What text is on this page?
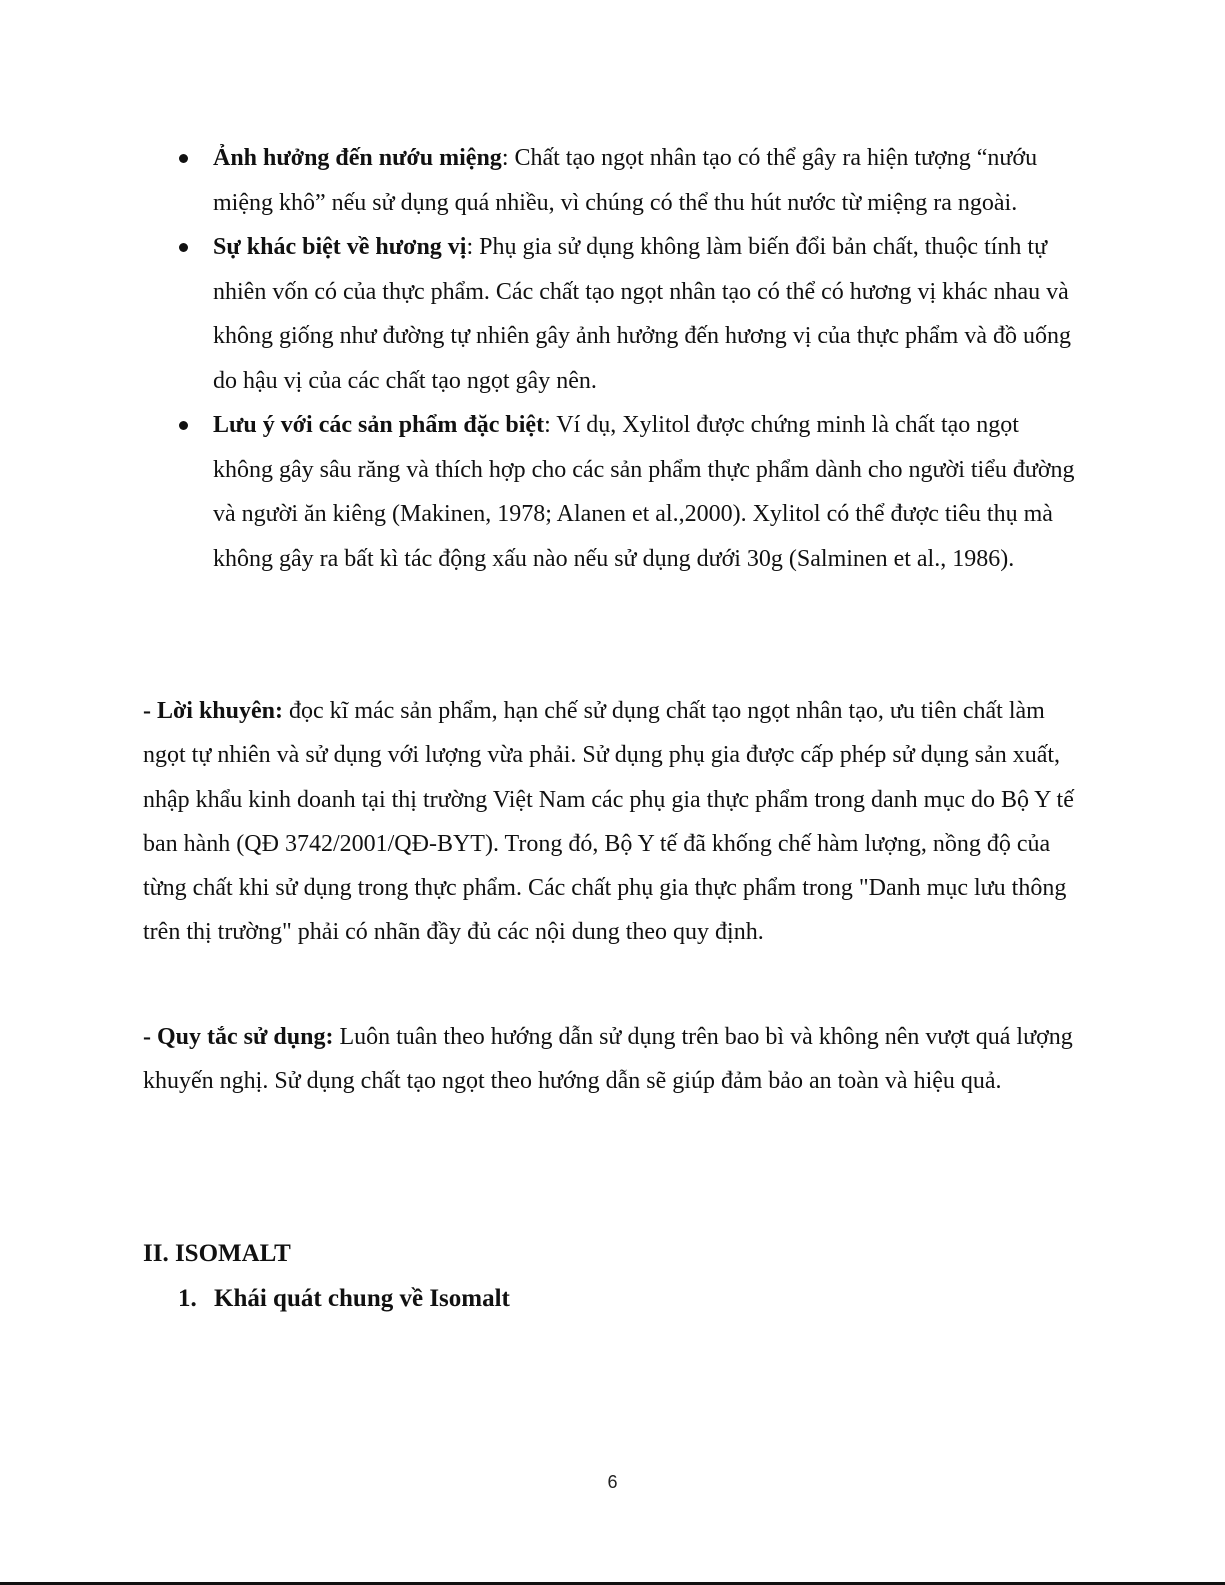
Ảnh hưởng đến nướu miệng: Chất tạo ngọt nhân tạo có thể gây ra hiện tượng “nướu miệng khô” nếu sử dụng quá nhiều, vì chúng có thể thu hút nước từ miệng ra ngoài.
Sự khác biệt về hương vị: Phụ gia sử dụng không làm biến đổi bản chất, thuộc tính tự nhiên vốn có của thực phẩm. Các chất tạo ngọt nhân tạo có thể có hương vị khác nhau và không giống như đường tự nhiên gây ảnh hưởng đến hương vị của thực phẩm và đồ uống do hậu vị của các chất tạo ngọt gây nên.
Lưu ý với các sản phẩm đặc biệt: Ví dụ, Xylitol được chứng minh là chất tạo ngọt không gây sâu răng và thích hợp cho các sản phẩm thực phẩm dành cho người tiểu đường và người ăn kiêng (Makinen, 1978; Alanen et al.,2000). Xylitol có thể được tiêu thụ mà không gây ra bất kì tác động xấu nào nếu sử dụng dưới 30g (Salminen et al., 1986).

- Lời khuyên: đọc kĩ mác sản phẩm, hạn chế sử dụng chất tạo ngọt nhân tạo, ưu tiên chất làm ngọt tự nhiên và sử dụng với lượng vừa phải. Sử dụng phụ gia được cấp phép sử dụng sản xuất, nhập khẩu kinh doanh tại thị trường Việt Nam các phụ gia thực phẩm trong danh mục do Bộ Y tế ban hành (QĐ 3742/2001/QĐ-BYT). Trong đó, Bộ Y tế đã khống chế hàm lượng, nồng độ của từng chất khi sử dụng trong thực phẩm. Các chất phụ gia thực phẩm trong "Danh mục lưu thông trên thị trường" phải có nhãn đầy đủ các nội dung theo quy định.

- Quy tắc sử dụng: Luôn tuân theo hướng dẫn sử dụng trên bao bì và không nên vượt quá lượng khuyến nghị. Sử dụng chất tạo ngọt theo hướng dẫn sẽ giúp đảm bảo an toàn và hiệu quả.

II. ISOMALT
1. Khái quát chung về Isomalt
6
